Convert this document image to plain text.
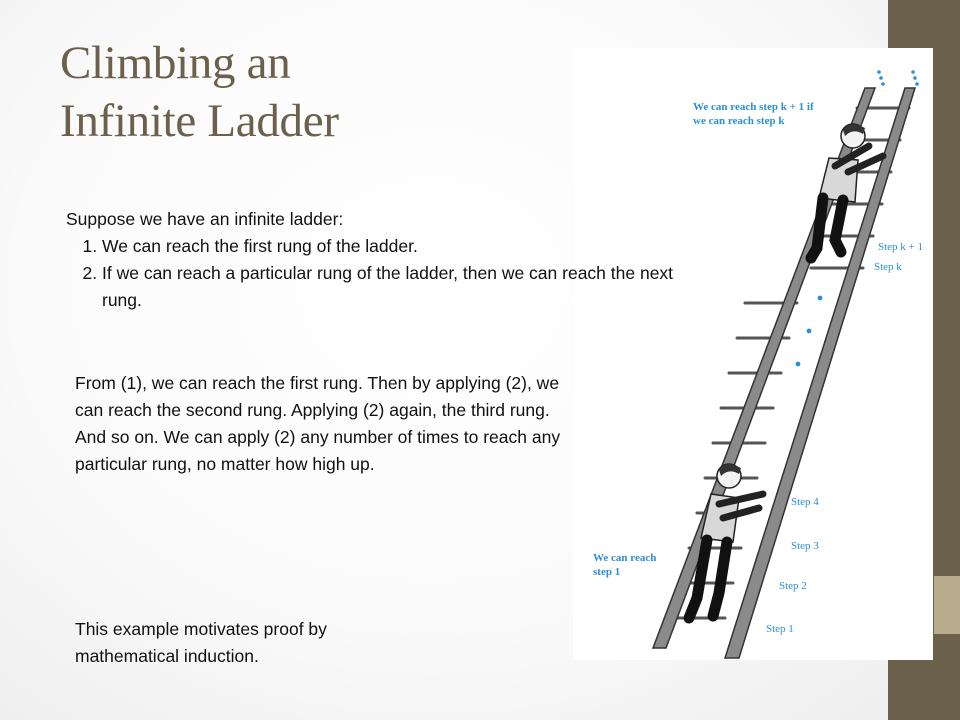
Climbing an
Infinite Ladder
Suppose we have an infinite ladder:
1. We can reach the first rung of the ladder.
2. If we can reach a particular rung of the ladder, then we can reach the next rung.
From (1), we can reach the first rung. Then by applying (2), we can reach the second rung. Applying (2) again, the third rung. And so on. We can apply (2) any number of times to reach any particular rung, no matter how high up.
This example motivates proof by mathematical induction.
We can reach step k + 1 if
we can reach step k
Step k + 1
Step k
Step 4
Step 3
Step 2
Step 1
We can reach
step 1
